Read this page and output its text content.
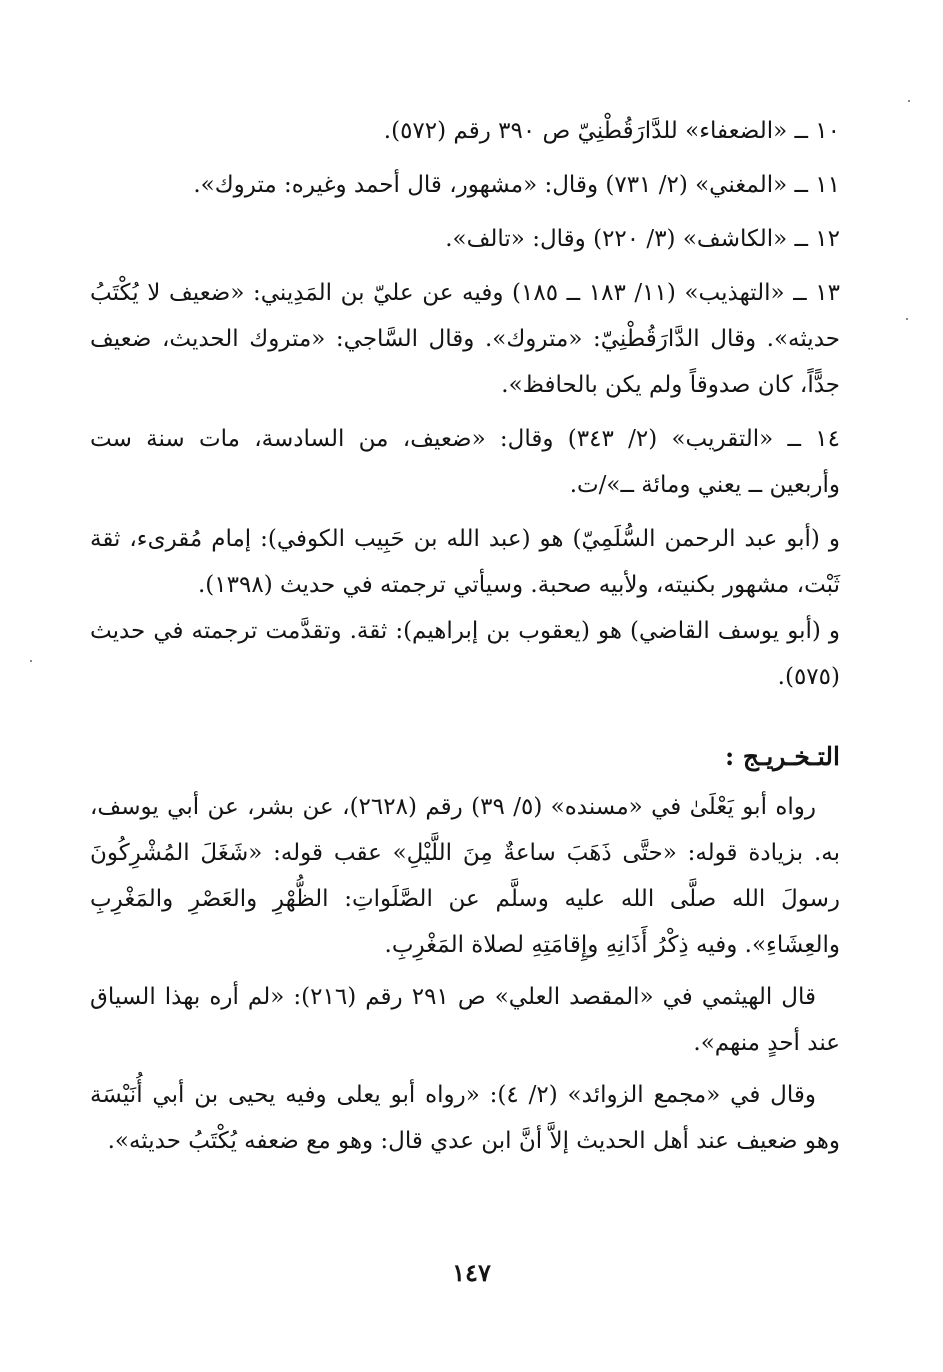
١٠ ــ «الضعفاء» للدَّارَقُطْنِيّ ص ٣٩٠ رقم (٥٧٢).
١١ ــ «المغني» (٢/ ٧٣١) وقال: «مشهور، قال أحمد وغيره: متروك».
١٢ ــ «الكاشف» (٣/ ٢٢٠) وقال: «تالف».
١٣ ــ «التهذيب» (١١/ ١٨٣ ــ ١٨٥) وفيه عن عليّ بن المَدِيني: «ضعيف لا يُكْتَبُ حديثه». وقال الدَّارَقُطْنِيّ: «متروك». وقال السَّاجي: «متروك الحديث، ضعيف جدًّاً، كان صدوقاً ولم يكن بالحافظ».
١٤ ــ «التقريب» (٢/ ٣٤٣) وقال: «ضعيف، من السادسة، مات سنة ست وأربعين ــ يعني ومائة ــ»/ت.
و (أبو عبد الرحمن السُّلَمِيّ) هو (عبد الله بن حَبِيب الكوفي): إمام مُقرىء، ثقة ثَبْت، مشهور بكنيته، ولأبيه صحبة. وسيأتي ترجمته في حديث (١٣٩٨).
و (أبو يوسف القاضي) هو (يعقوب بن إبراهيم): ثقة. وتقدَّمت ترجمته في حديث (٥٧٥).
التـخـريـج :
رواه أبو يَعْلَىٰ في «مسنده» (٥/ ٣٩) رقم (٢٦٢٨)، عن بشر، عن أبي يوسف، به. بزيادة قوله: «حتَّى ذَهَبَ ساعةٌ مِنَ اللَّيْلِ» عقب قوله: «شَغَلَ المُشْرِكُونَ رسولَ الله صلَّى الله عليه وسلَّم عن الصَّلَواتِ: الظُّهْرِ والعَصْرِ والمَغْرِبِ والعِشَاءِ». وفيه ذِكْرُ أَذَانِهِ وإِقامَتِهِ لصلاة المَغْرِبِ.
قال الهيثمي في «المقصد العلي» ص ٢٩١ رقم (٢١٦): «لم أره بهذا السياق عند أحدٍ منهم».
وقال في «مجمع الزوائد» (٢/ ٤): «رواه أبو يعلى وفيه يحيى بن أبي أُنَيْسَة وهو ضعيف عند أهل الحديث إلاَّ أنَّ ابن عدي قال: وهو مع ضعفه يُكْتَبُ حديثه».
١٤٧
